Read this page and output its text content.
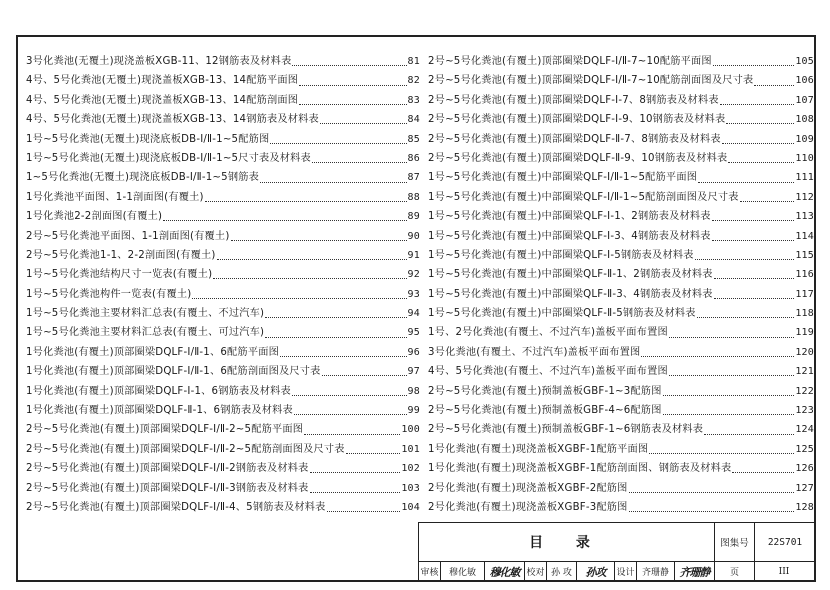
3号化粪池(无覆土)现浇盖板XGB-11、12钢筋表及材料表	81
4号、5号化粪池(无覆土)现浇盖板XGB-13、14配筋平面图	82
4号、5号化粪池(无覆土)现浇盖板XGB-13、14配筋剖面图	83
4号、5号化粪池(无覆土)现浇盖板XGB-13、14钢筋表及材料表	84
1号~5号化粪池(无覆土)现浇底板DB-Ⅰ/Ⅱ-1~5配筋图	85
1号~5号化粪池(无覆土)现浇底板DB-Ⅰ/Ⅱ-1~5尺寸表及材料表	86
1~5号化粪池(无覆土)现浇底板DB-Ⅰ/Ⅱ-1~5钢筋表	87
1号化粪池平面图、1-1剖面图(有覆土)	88
1号化粪池2-2剖面图(有覆土)	89
2号~5号化粪池平面图、1-1剖面图(有覆土)	90
2号~5号化粪池1-1、2-2剖面图(有覆土)	91
1号~5号化粪池结构尺寸一览表(有覆土)	92
1号~5号化粪池构件一览表(有覆土)	93
1号~5号化粪池主要材料汇总表(有覆土、不过汽车)	94
1号~5号化粪池主要材料汇总表(有覆土、可过汽车)	95
1号化粪池(有覆土)顶部圈梁DQLF-Ⅰ/Ⅱ-1、6配筋平面图	96
1号化粪池(有覆土)顶部圈梁DQLF-Ⅰ/Ⅱ-1、6配筋剖面图及尺寸表	97
1号化粪池(有覆土)顶部圈梁DQLF-Ⅰ-1、6钢筋表及材料表	98
1号化粪池(有覆土)顶部圈梁DQLF-Ⅱ-1、6钢筋表及材料表	99
2号~5号化粪池(有覆土)顶部圈梁DQLF-Ⅰ/Ⅱ-2~5配筋平面图	100
2号~5号化粪池(有覆土)顶部圈梁DQLF-Ⅰ/Ⅱ-2~5配筋剖面图及尺寸表	101
2号~5号化粪池(有覆土)顶部圈梁DQLF-Ⅰ/Ⅱ-2钢筋表及材料表	102
2号~5号化粪池(有覆土)顶部圈梁DQLF-Ⅰ/Ⅱ-3钢筋表及材料表	103
2号~5号化粪池(有覆土)顶部圈梁DQLF-Ⅰ/Ⅱ-4、5钢筋表及材料表	104
2号~5号化粪池(有覆土)顶部圈梁DQLF-Ⅰ/Ⅱ-7~10配筋平面图	105
2号~5号化粪池(有覆土)顶部圈梁DQLF-Ⅰ/Ⅱ-7~10配筋剖面图及尺寸表	106
2号~5号化粪池(有覆土)顶部圈梁DQLF-Ⅰ-7、8钢筋表及材料表	107
2号~5号化粪池(有覆土)顶部圈梁DQLF-Ⅰ-9、10钢筋表及材料表	108
2号~5号化粪池(有覆土)顶部圈梁DQLF-Ⅱ-7、8钢筋表及材料表	109
2号~5号化粪池(有覆土)顶部圈梁DQLF-Ⅱ-9、10钢筋表及材料表	110
1号~5号化粪池(有覆土)中部圈梁QLF-Ⅰ/Ⅱ-1~5配筋平面图	111
1号~5号化粪池(有覆土)中部圈梁QLF-Ⅰ/Ⅱ-1~5配筋剖面图及尺寸表	112
1号~5号化粪池(有覆土)中部圈梁QLF-Ⅰ-1、2钢筋表及材料表	113
1号~5号化粪池(有覆土)中部圈梁QLF-Ⅰ-3、4钢筋表及材料表	114
1号~5号化粪池(有覆土)中部圈梁QLF-Ⅰ-5钢筋表及材料表	115
1号~5号化粪池(有覆土)中部圈梁QLF-Ⅱ-1、2钢筋表及材料表	116
1号~5号化粪池(有覆土)中部圈梁QLF-Ⅱ-3、4钢筋表及材料表	117
1号~5号化粪池(有覆土)中部圈梁QLF-Ⅱ-5钢筋表及材料表	118
1号、2号化粪池(有覆土、不过汽车)盖板平面布置图	119
3号化粪池(有覆土、不过汽车)盖板平面布置图	120
4号、5号化粪池(有覆土、不过汽车)盖板平面布置图	121
2号~5号化粪池(有覆土)预制盖板GBF-1~3配筋图	122
2号~5号化粪池(有覆土)预制盖板GBF-4~6配筋图	123
2号~5号化粪池(有覆土)预制盖板GBF-1~6钢筋表及材料表	124
1号化粪池(有覆土)现浇盖板XGBF-1配筋平面图	125
1号化粪池(有覆土)现浇盖板XGBF-1配筋剖面图、钢筋表及材料表	126
2号化粪池(有覆土)现浇盖板XGBF-2配筋图	127
2号化粪池(有覆土)现浇盖板XGBF-3配筋图	128
目 录	图集号	22S701
审核	穆化敏	穆化敏 校对 孙 攻	孙攻	设计 齐珊静 齐珊静	页	III
